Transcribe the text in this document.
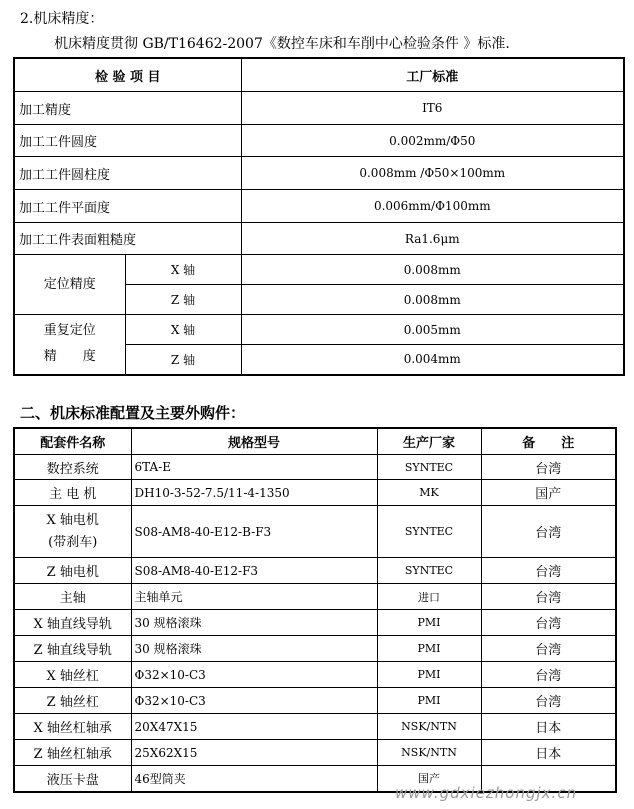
2.机床精度：
机床精度贯彻 GB/T16462-2007《数控车床和车削中心检验条件 》标准.
检 验 项 目		工厂标准
加工精度		IT6
加工工件圆度		0.002mm/Φ50
加工工件圆柱度		0.008mm /Φ50×100mm
加工工件平面度		0.006mm/Φ100mm
加工工件表面粗糙度		Ra1.6μm
定位精度	X 轴	0.008mm
	Z 轴	0.008mm

重复定位
精　　度	X 轴	0.005mm
	Z 轴	0.004mm
二、机床标准配置及主要外购件：
配套件名称	规格型号	生产厂家	备　　注
数控系统	6TA-E	SYNTEC	台湾
主 电 机	DH10-3-52-7.5/11-4-1350	MK	国产

X 轴电机
(带刹车)	S08-AM8-40-E12-B-F3	SYNTEC	台湾
Z 轴电机	S08-AM8-40-E12-F3	SYNTEC	台湾
主轴	主轴单元	进口	台湾
X 轴直线导轨	30 规格滚珠	PMI	台湾
Z 轴直线导轨	30 规格滚珠	PMI	台湾
X 轴丝杠	Φ32×10-C3	PMI	台湾
Z 轴丝杠	Φ32×10-C3	PMI	台湾
X 轴丝杠轴承	20X47X15	NSK/NTN	日本
Z 轴丝杠轴承	25X62X15	NSK/NTN	日本
液压卡盘	46型筒夹	国产	
www.gdxiezhongjx.cn
